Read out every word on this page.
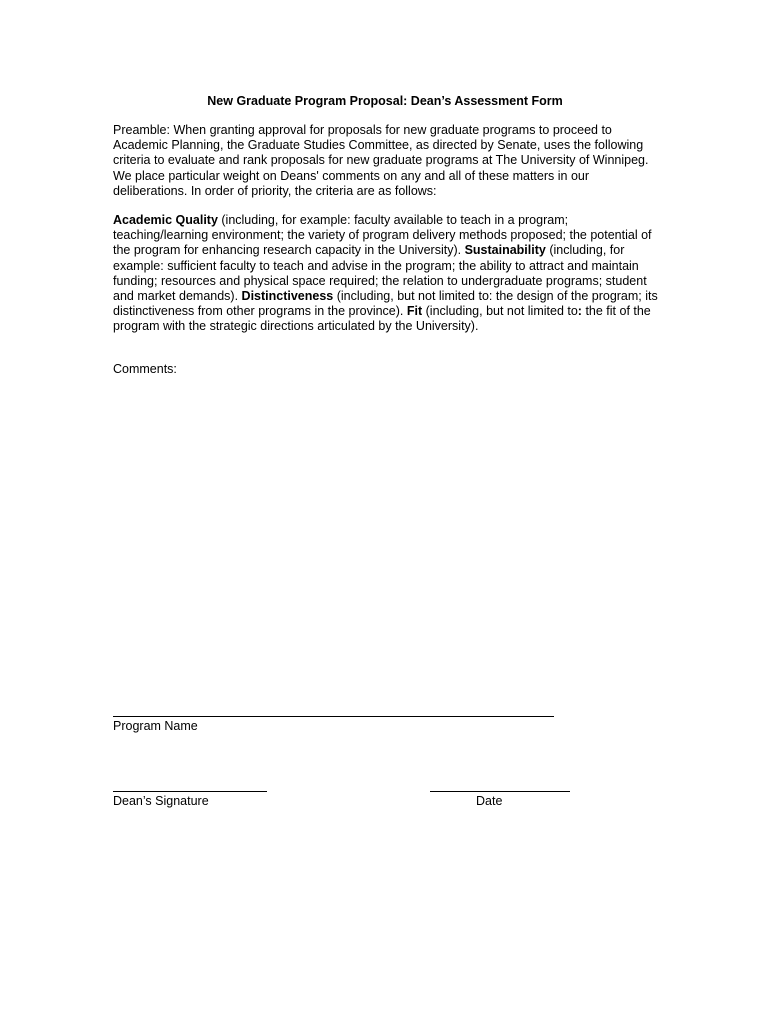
New Graduate Program Proposal: Dean’s Assessment Form

Preamble: When granting approval for proposals for new graduate programs to proceed to Academic Planning, the Graduate Studies Committee, as directed by Senate, uses the following criteria to evaluate and rank proposals for new graduate programs at The University of Winnipeg. We place particular weight on Deans' comments on any and all of these matters in our deliberations. In order of priority, the criteria are as follows:

Academic Quality (including, for example: faculty available to teach in a program; teaching/learning environment; the variety of program delivery methods proposed; the potential of the program for enhancing research capacity in the University). Sustainability (including, for example: sufficient faculty to teach and advise in the program; the ability to attract and maintain funding; resources and physical space required; the relation to undergraduate programs; student and market demands). Distinctiveness (including, but not limited to: the design of the program; its distinctiveness from other programs in the province). Fit (including, but not limited to: the fit of the program with the strategic directions articulated by the University).

Comments:
Program Name
Dean’s Signature	Date
